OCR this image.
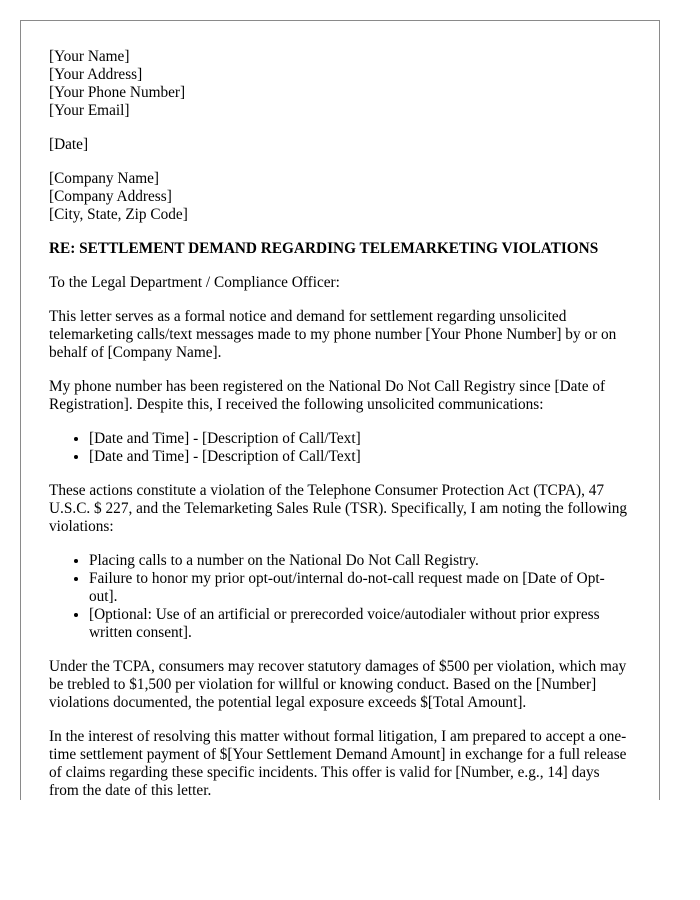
[Your Name]
[Your Address]
[Your Phone Number]
[Your Email]
[Date]
[Company Name]
[Company Address]
[City, State, Zip Code]
RE: SETTLEMENT DEMAND REGARDING TELEMARKETING VIOLATIONS

To the Legal Department / Compliance Officer:

This letter serves as a formal notice and demand for settlement regarding unsolicited telemarketing calls/text messages made to my phone number [Your Phone Number] by or on behalf of [Company Name].

My phone number has been registered on the National Do Not Call Registry since [Date of Registration]. Despite this, I received the following unsolicited communications:

• [Date and Time] - [Description of Call/Text]
• [Date and Time] - [Description of Call/Text]

These actions constitute a violation of the Telephone Consumer Protection Act (TCPA), 47 U.S.C. $ 227, and the Telemarketing Sales Rule (TSR). Specifically, I am noting the following violations:

• Placing calls to a number on the National Do Not Call Registry.
• Failure to honor my prior opt-out/internal do-not-call request made on [Date of Opt-out].
• [Optional: Use of an artificial or prerecorded voice/autodialer without prior express written consent].

Under the TCPA, consumers may recover statutory damages of $500 per violation, which may be trebled to $1,500 per violation for willful or knowing conduct. Based on the [Number] violations documented, the potential legal exposure exceeds $[Total Amount].

In the interest of resolving this matter without formal litigation, I am prepared to accept a one-time settlement payment of $[Your Settlement Demand Amount] in exchange for a full release of claims regarding these specific incidents. This offer is valid for [Number, e.g., 14] days from the date of this letter.
